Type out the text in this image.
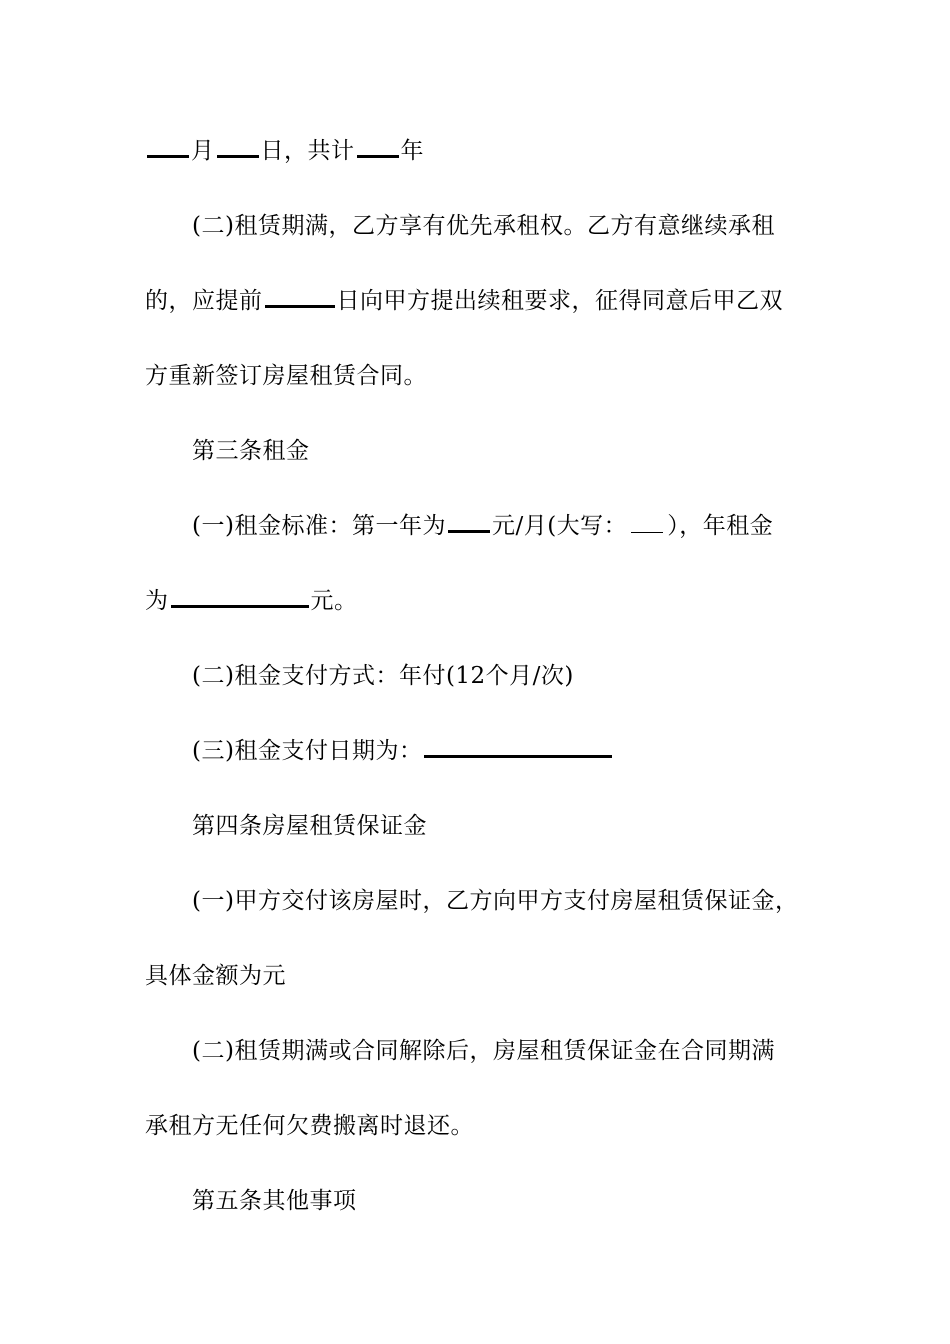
月 日，共计 年
(二)租赁期满，乙方享有优先承租权。乙方有意继续承租
的，应提前	日向甲方提出续租要求，征得同意后甲乙双
方重新签订房屋租赁合同。
第三条租金
(一)租金标准：第一年为 元/月(大写： ），年租金
为	元。
(二)租金支付方式：年付(12个月/次)
(三)租金支付日期为：
第四条房屋租赁保证金
(一)甲方交付该房屋时，乙方向甲方支付房屋租赁保证金，
具体金额为元
(二)租赁期满或合同解除后，房屋租赁保证金在合同期满
承租方无任何欠费搬离时退还。
第五条其他事项
